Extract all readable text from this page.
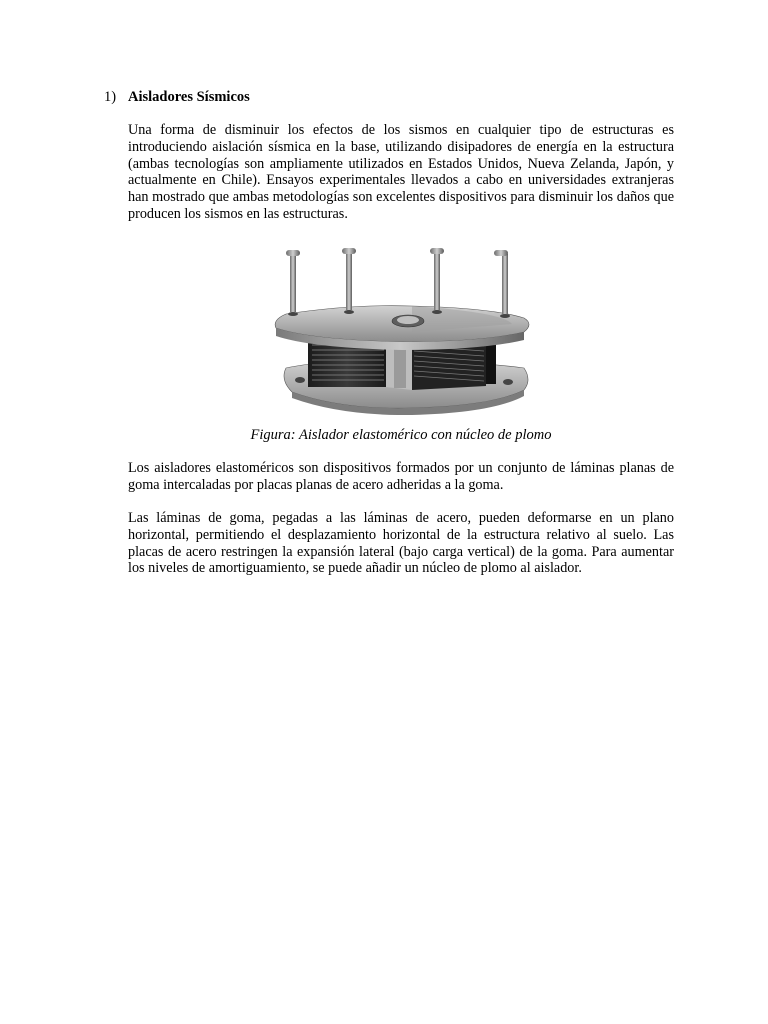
1) Aisladores Sísmicos

Una forma de disminuir los efectos de los sismos en cualquier tipo de estructuras es introduciendo aislación sísmica en la base, utilizando disipadores de energía en la estructura (ambas tecnologías son ampliamente utilizados en Estados Unidos, Nueva Zelanda, Japón, y actualmente en Chile). Ensayos experimentales llevados a cabo en universidades extranjeras han mostrado que ambas metodologías son excelentes dispositivos para disminuir los daños que producen los sismos en las estructuras.

Figura: Aislador elastomérico con núcleo de plomo

Los aisladores elastoméricos son dispositivos formados por un conjunto de láminas planas de goma intercaladas por placas planas de acero adheridas a la goma.

Las láminas de goma, pegadas a las láminas de acero, pueden deformarse en un plano horizontal, permitiendo el desplazamiento horizontal de la estructura relativo al suelo. Las placas de acero restringen la expansión lateral (bajo carga vertical) de la goma. Para aumentar los niveles de amortiguamiento, se puede añadir un núcleo de plomo al aislador.
